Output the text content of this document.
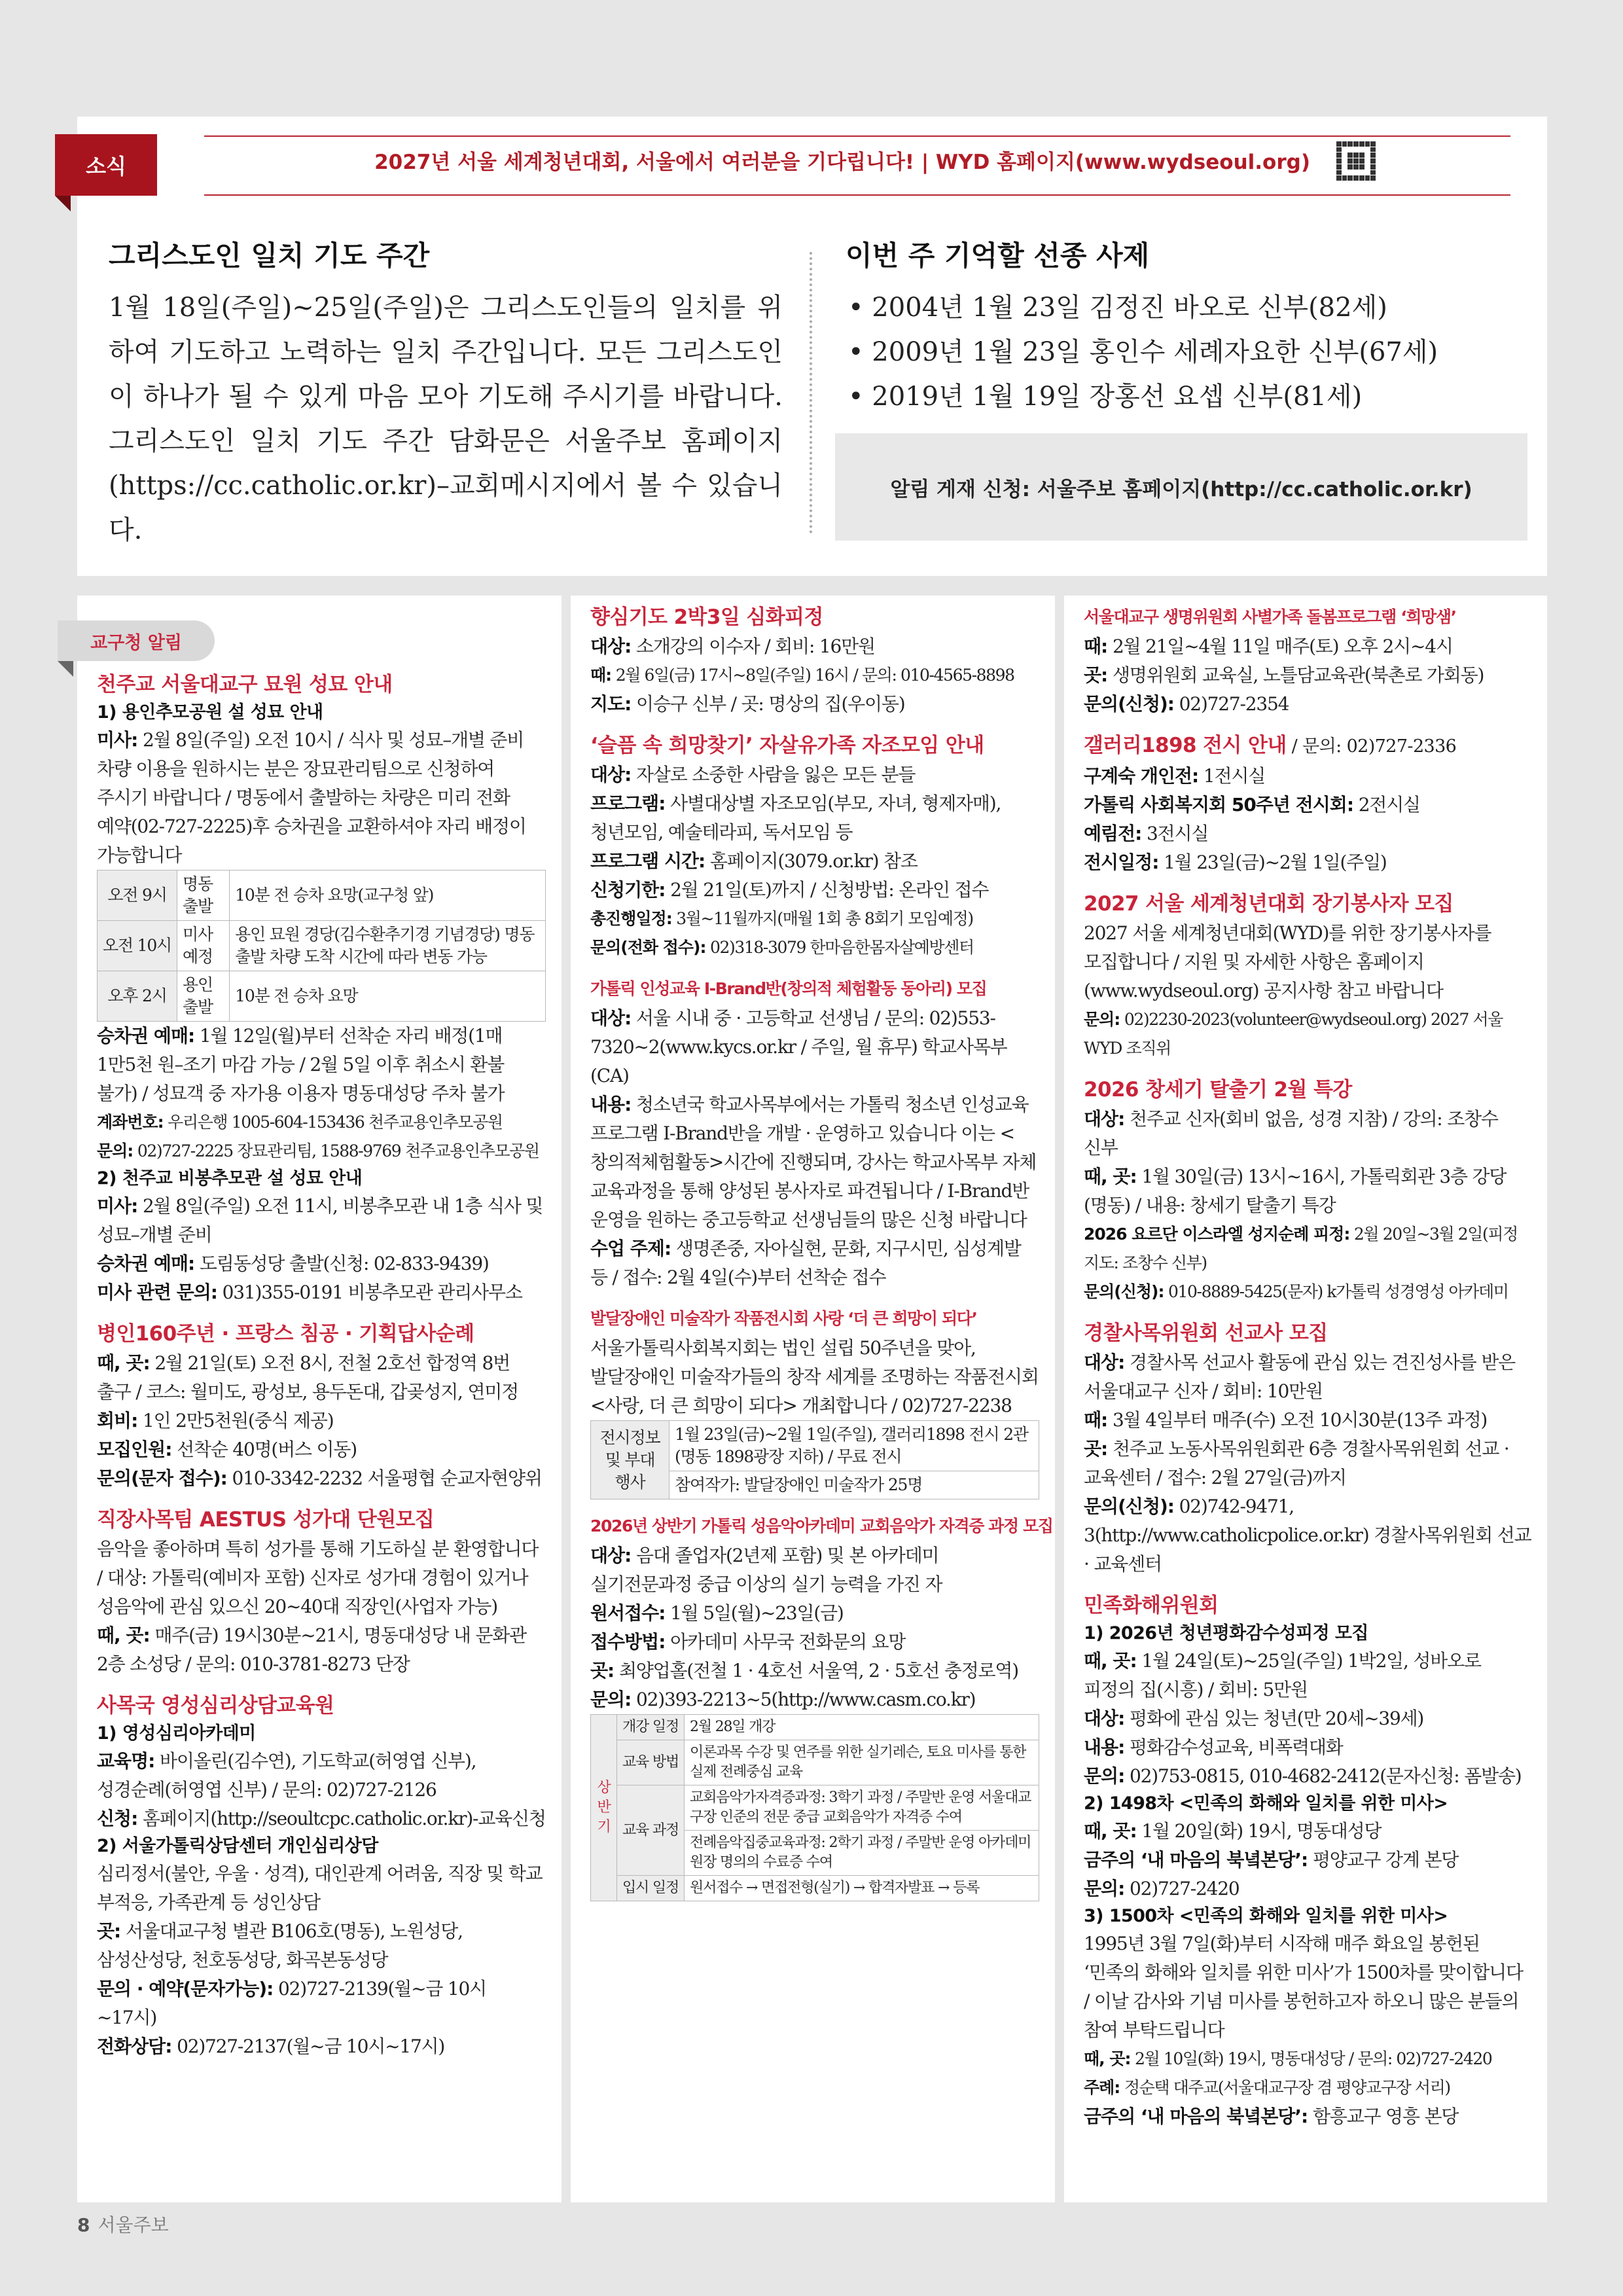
소식	2027년 서울 세계청년대회, 서울에서 여러분을 기다립니다! | WYD 홈페이지(www.wydseoul.org)
그리스도인 일치 기도 주간
1월 18일(주일)~25일(주일)은 그리스도인들의 일치를 위하여 기도하고 노력하는 일치 주간입니다. 모든 그리스도인이 하나가 될 수 있게 마음 모아 기도해 주시기를 바랍니다. 그리스도인 일치 기도 주간 담화문은 서울주보 홈페이지(https://cc.catholic.or.kr)–교회메시지에서 볼 수 있습니다.
이번 주 기억할 선종 사제
• 2004년 1월 23일 김정진 바오로 신부(82세)
• 2009년 1월 23일 홍인수 세례자요한 신부(67세)
• 2019년 1월 19일 장홍선 요셉 신부(81세)
알림 게재 신청: 서울주보 홈페이지(http://cc.catholic.or.kr)
천주교 서울대교구 묘원 성묘 안내
1) 용인추모공원 설 성묘 안내
미사: 2월 8일(주일) 오전 10시 / 식사 및 성묘–개별 준비 차량 이용을 원하시는 분은 장묘관리팀으로 신청하여 주시기 바랍니다 / 명동에서 출발하는 차량은 미리 전화 예약(02-727-2225)후 승차권을 교환하셔야 자리 배정이 가능합니다
오전 9시	명동 출발	10분 전 승차 요망(교구청 앞)
오전 10시	미사 예정	용인 묘원 경당(김수환추기경 기념경당) 명동 출발 차량 도착 시간에 따라 변동 가능
오후 2시	용인 출발	10분 전 승차 요망
승차권 예매: 1월 12일(월)부터 선착순 자리 배정(1매 1만5천 원–조기 마감 가능 / 2월 5일 이후 취소시 환불 불가) / 성묘객 중 자가용 이용자 명동대성당 주차 불가
계좌번호: 우리은행 1005-604-153436 천주교용인추모공원
문의: 02)727-2225 장묘관리팀, 1588-9769 천주교용인추모공원
2) 천주교 비봉추모관 설 성묘 안내
미사: 2월 8일(주일) 오전 11시, 비봉추모관 내 1층 식사 및 성묘–개별 준비
승차권 예매: 도림동성당 출발(신청: 02-833-9439)
미사 관련 문의: 031)355-0191 비봉추모관 관리사무소
병인160주년 · 프랑스 침공 · 기획답사순례
때, 곳: 2월 21일(토) 오전 8시, 전철 2호선 합정역 8번 출구 / 코스: 월미도, 광성보, 용두돈대, 갑곶성지, 연미정
회비: 1인 2만5천원(중식 제공)
모집인원: 선착순 40명(버스 이동)
문의(문자 접수): 010-3342-2232 서울평협 순교자현양위
직장사목팀 AESTUS 성가대 단원모집
음악을 좋아하며 특히 성가를 통해 기도하실 분 환영합니다 / 대상: 가톨릭(예비자 포함) 신자로 성가대 경험이 있거나 성음악에 관심 있으신 20~40대 직장인(사업자 가능)
때, 곳: 매주(금) 19시30분~21시, 명동대성당 내 문화관 2층 소성당 / 문의: 010-3781-8273 단장
사목국 영성심리상담교육원
1) 영성심리아카데미
교육명: 바이올린(김수연), 기도학교(허영엽 신부), 성경순례(허영엽 신부) / 문의: 02)727-2126
신청: 홈페이지(http://seoultcpc.catholic.or.kr)-교육신청
2) 서울가톨릭상담센터 개인심리상담
심리정서(불안, 우울 · 성격), 대인관계 어려움, 직장 및 학교 부적응, 가족관계 등 성인상담
곳: 서울대교구청 별관 B106호(명동), 노원성당, 삼성산성당, 천호동성당, 화곡본동성당
문의 · 예약(문자가능): 02)727-2139(월~금 10시~17시)
전화상담: 02)727-2137(월~금 10시~17시)
교구청 알림
향심기도 2박3일 심화피정
대상: 소개강의 이수자 / 회비: 16만원
때: 2월 6일(금) 17시~8일(주일) 16시 / 문의: 010-4565-8898
지도: 이승구 신부 / 곳: 명상의 집(우이동)
‘슬픔 속 희망찾기’ 자살유가족 자조모임 안내
대상: 자살로 소중한 사람을 잃은 모든 분들
프로그램: 사별대상별 자조모임(부모, 자녀, 형제자매), 청년모임, 예술테라피, 독서모임 등
프로그램 시간: 홈페이지(3079.or.kr) 참조
신청기한: 2월 21일(토)까지 / 신청방법: 온라인 접수
총진행일정: 3월~11월까지(매월 1회 총 8회기 모임예정)
문의(전화 접수): 02)318-3079 한마음한몸자살예방센터
가톨릭 인성교육 I-Brand반(창의적 체험활동 동아리) 모집
대상: 서울 시내 중 · 고등학교 선생님 / 문의: 02)553-7320~2(www.kycs.or.kr / 주일, 월 휴무) 학교사목부(CA)
내용: 청소년국 학교사목부에서는 가톨릭 청소년 인성교육 프로그램 I-Brand반을 개발 · 운영하고 있습니다 이는 <창의적체험활동>시간에 진행되며, 강사는 학교사목부 자체 교육과정을 통해 양성된 봉사자로 파견됩니다 / I-Brand반 운영을 원하는 중고등학교 선생님들의 많은 신청 바랍니다
수업 주제: 생명존중, 자아실현, 문화, 지구시민, 심성계발 등 / 접수: 2월 4일(수)부터 선착순 접수
발달장애인 미술작가 작품전시회 사랑 ‘더 큰 희망이 되다’
서울가톨릭사회복지회는 법인 설립 50주년을 맞아, 발달장애인 미술작가들의 창작 세계를 조명하는 작품전시회 <사랑, 더 큰 희망이 되다> 개최합니다 / 02)727-2238
전시정보 및 부대 행사	1월 23일(금)~2월 1일(주일), 갤러리1898 전시 2관(명동 1898광장 지하) / 무료 전시
참여작가: 발달장애인 미술작가 25명
2026년 상반기 가톨릭 성음악아카데미 교회음악가 자격증 과정 모집
대상: 음대 졸업자(2년제 포함) 및 본 아카데미 실기전문과정 중급 이상의 실기 능력을 가진 자
원서접수: 1월 5일(월)~23일(금)
접수방법: 아카데미 사무국 전화문의 요망
곳: 최양업홀(전철 1 · 4호선 서울역, 2 · 5호선 충정로역)
문의: 02)393-2213~5(http://www.casm.co.kr)
상반기	개강 일정	2월 28일 개강
	교육 방법	이론과목 수강 및 연주를 위한 실기레슨, 토요 미사를 통한 실제 전례중심 교육
	교육 과정	교회음악가자격증과정: 3학기 과정 / 주말반 운영 서울대교구장 인준의 전문 중급 교회음악가 자격증 수여
		전례음악집중교육과정: 2학기 과정 / 주말반 운영 아카데미 원장 명의의 수료증 수여
	입시 일정	원서접수 → 면접전형(실기) → 합격자발표 → 등록
서울대교구 생명위원회 사별가족 돌봄프로그램 ‘희망샘’
때: 2월 21일~4월 11일 매주(토) 오후 2시~4시
곳: 생명위원회 교육실, 노틀담교육관(북촌로 가회동)
문의(신청): 02)727-2354
갤러리1898 전시 안내 / 문의: 02)727-2336
구계숙 개인전: 1전시실
가톨릭 사회복지회 50주년 전시회: 2전시실
예림전: 3전시실
전시일정: 1월 23일(금)~2월 1일(주일)
2027 서울 세계청년대회 장기봉사자 모집
2027 서울 세계청년대회(WYD)를 위한 장기봉사자를 모집합니다 / 지원 및 자세한 사항은 홈페이지(www.wydseoul.org) 공지사항 참고 바랍니다
문의: 02)2230-2023(volunteer@wydseoul.org) 2027 서울 WYD 조직위
2026 창세기 탈출기 2월 특강
대상: 천주교 신자(회비 없음, 성경 지참) / 강의: 조창수 신부
때, 곳: 1월 30일(금) 13시~16시, 가톨릭회관 3층 강당(명동) / 내용: 창세기 탈출기 특강
2026 요르단 이스라엘 성지순례 피정: 2월 20일~3월 2일(피정 지도: 조창수 신부)
문의(신청): 010-8889-5425(문자) k가톨릭 성경영성 아카데미
경찰사목위원회 선교사 모집
대상: 경찰사목 선교사 활동에 관심 있는 견진성사를 받은 서울대교구 신자 / 회비: 10만원
때: 3월 4일부터 매주(수) 오전 10시30분(13주 과정)
곳: 천주교 노동사목위원회관 6층 경찰사목위원회 선교 · 교육센터 / 접수: 2월 27일(금)까지
문의(신청): 02)742-9471, 3(http://www.catholicpolice.or.kr) 경찰사목위원회 선교 · 교육센터
민족화해위원회
1) 2026년 청년평화감수성피정 모집
때, 곳: 1월 24일(토)~25일(주일) 1박2일, 성바오로 피정의 집(시흥) / 회비: 5만원
대상: 평화에 관심 있는 청년(만 20세~39세)
내용: 평화감수성교육, 비폭력대화
문의: 02)753-0815, 010-4682-2412(문자신청: 폼발송)
2) 1498차 <민족의 화해와 일치를 위한 미사>
때, 곳: 1월 20일(화) 19시, 명동대성당
금주의 ‘내 마음의 북녘본당’: 평양교구 강계 본당
문의: 02)727-2420
3) 1500차 <민족의 화해와 일치를 위한 미사>
1995년 3월 7일(화)부터 시작해 매주 화요일 봉헌된 ‘민족의 화해와 일치를 위한 미사’가 1500차를 맞이합니다 / 이날 감사와 기념 미사를 봉헌하고자 하오니 많은 분들의 참여 부탁드립니다
때, 곳: 2월 10일(화) 19시, 명동대성당 / 문의: 02)727-2420
주례: 정순택 대주교(서울대교구장 겸 평양교구장 서리)
금주의 ‘내 마음의 북녘본당’: 함흥교구 영흥 본당
8 서울주보
